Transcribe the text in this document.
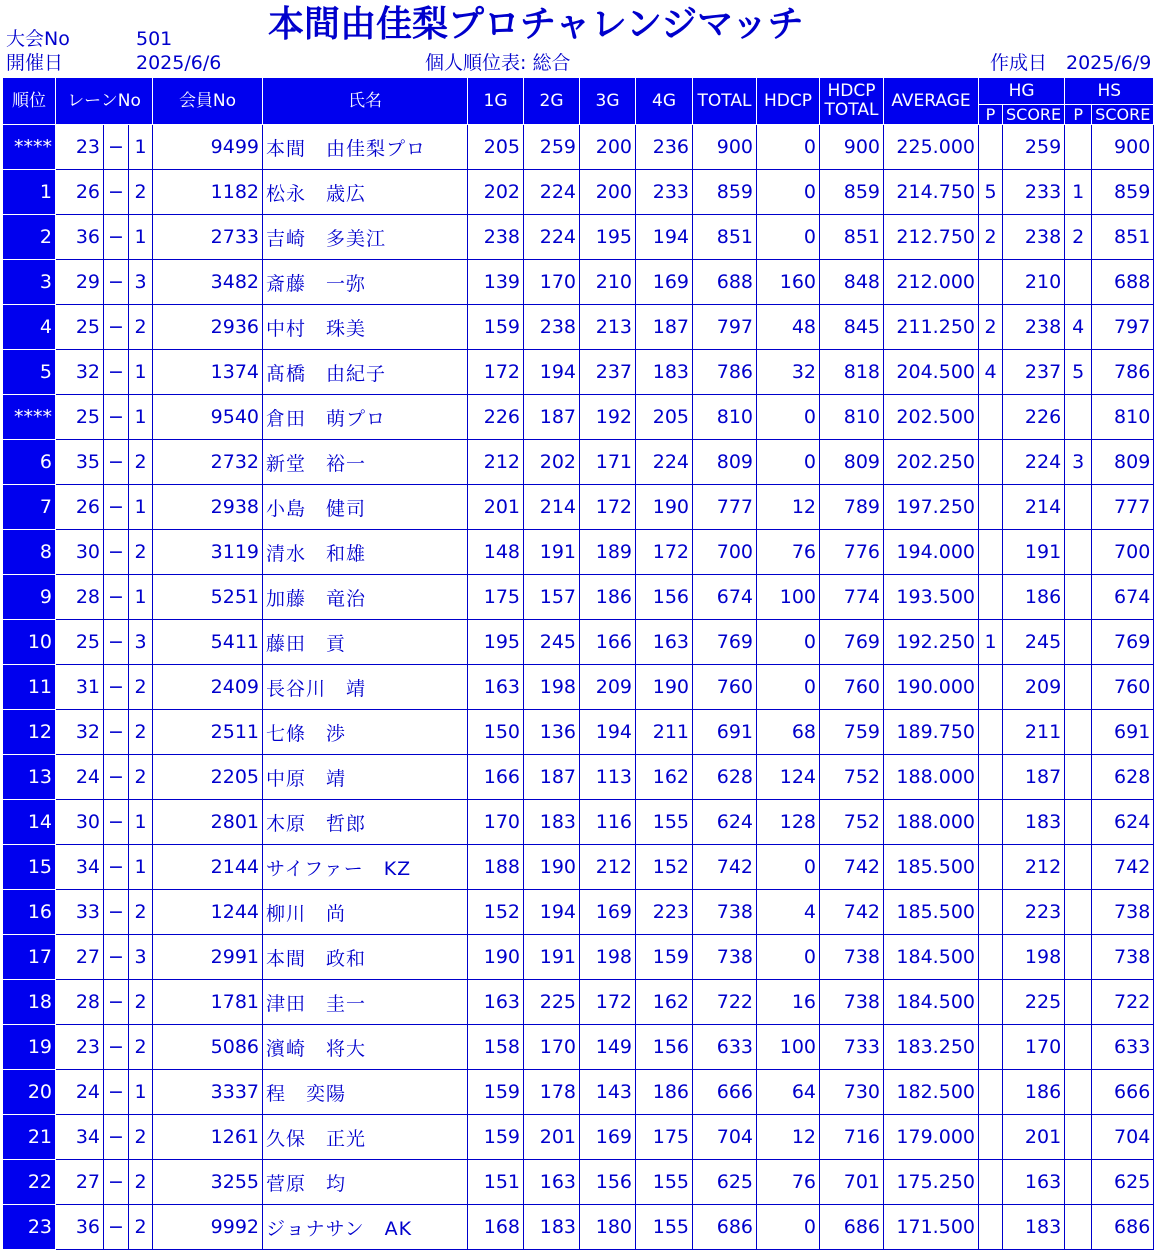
大会No	501
開催日	2025/6/6
本間由佳梨プロチャレンジマッチ
個人順位表: 総合	作成日 2025/6/9
順位	レーンNo			会員No	氏名	1G	2G	3G	4G	TOTAL	HDCP	HDCP
TOTAL	AVERAGE	HG		HS	
														P	SCORE	P	SCORE
****	23	−	1	9499	本間　由佳梨プロ	205	259	200	236	900	0	900	225.000		259		900
1	26	−	2	1182	松永　歳広	202	224	200	233	859	0	859	214.750	5	233	1	859
2	36	−	1	2733	吉崎　多美江	238	224	195	194	851	0	851	212.750	2	238	2	851
3	29	−	3	3482	斎藤　一弥	139	170	210	169	688	160	848	212.000		210		688
4	25	−	2	2936	中村　珠美	159	238	213	187	797	48	845	211.250	2	238	4	797
5	32	−	1	1374	髙橋　由紀子	172	194	237	183	786	32	818	204.500	4	237	5	786
****	25	−	1	9540	倉田　萌プロ	226	187	192	205	810	0	810	202.500		226		810
6	35	−	2	2732	新堂　裕一	212	202	171	224	809	0	809	202.250		224	3	809
7	26	−	1	2938	小島　健司	201	214	172	190	777	12	789	197.250		214		777
8	30	−	2	3119	清水　和雄	148	191	189	172	700	76	776	194.000		191		700
9	28	−	1	5251	加藤　竜治	175	157	186	156	674	100	774	193.500		186		674
10	25	−	3	5411	藤田　貢	195	245	166	163	769	0	769	192.250	1	245		769
11	31	−	2	2409	長谷川　靖	163	198	209	190	760	0	760	190.000		209		760
12	32	−	2	2511	七條　渉	150	136	194	211	691	68	759	189.750		211		691
13	24	−	2	2205	中原　靖	166	187	113	162	628	124	752	188.000		187		628
14	30	−	1	2801	木原　哲郎	170	183	116	155	624	128	752	188.000		183		624
15	34	−	1	2144	サイファー　KZ	188	190	212	152	742	0	742	185.500		212		742
16	33	−	2	1244	柳川　尚	152	194	169	223	738	4	742	185.500		223		738
17	27	−	3	2991	本間　政和	190	191	198	159	738	0	738	184.500		198		738
18	28	−	2	1781	津田　圭一	163	225	172	162	722	16	738	184.500		225		722
19	23	−	2	5086	濱崎　将大	158	170	149	156	633	100	733	183.250		170		633
20	24	−	1	3337	程　奕陽	159	178	143	186	666	64	730	182.500		186		666
21	34	−	2	1261	久保　正光	159	201	169	175	704	12	716	179.000		201		704
22	27	−	2	3255	菅原　均	151	163	156	155	625	76	701	175.250		163		625
23	36	−	2	9992	ジョナサン　AK	168	183	180	155	686	0	686	171.500		183		686
